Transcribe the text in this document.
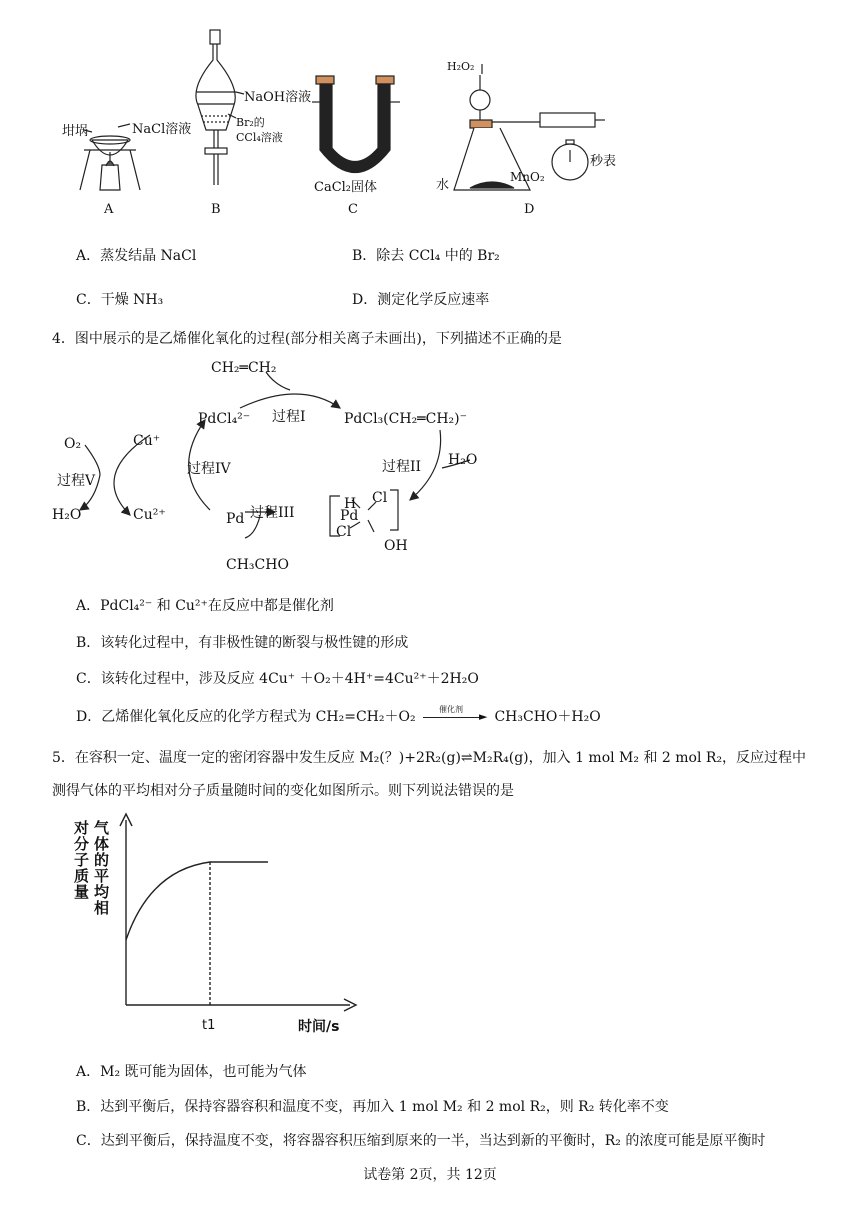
坩埚	NaCl溶液
A
NaOH溶液
Br₂的
CCl₄溶液
B
CaCl₂固体
C
H₂O₂
水
MnO₂
秒表
D
A．蒸发结晶 NaCl	B．除去 CCl₄ 中的 Br₂
C．干燥 NH₃	D．测定化学反应速率
4．图中展示的是乙烯催化氧化的过程(部分相关离子未画出)，下列描述不正确的是
CH₂═CH₂
PdCl₄²⁻ 过程I	PdCl₃(CH₂═CH₂)⁻
过程II H₂O
O₂	Cu⁺
过程V
过程IV
H₂O	Cu²⁺	Pd 过程III
H
Pd
Cl
Cl
OH
CH₃CHO
A．PdCl₄²⁻ 和 Cu²⁺在反应中都是催化剂
B．该转化过程中，有非极性键的断裂与极性键的形成
C．该转化过程中，涉及反应 4Cu⁺ ＋O₂＋4H⁺=4Cu²⁺＋2H₂O
D．乙烯催化氧化反应的化学方程式为 CH₂=CH₂＋O₂	催化剂
► CH₃CHO＋H₂O
5．在容积一定、温度一定的密闭容器中发生反应 M₂(？)+2R₂(g)⇌M₂R₄(g)，加入 1 mol M₂ 和 2 mol R₂，反应过程中
测得气体的平均相对分子质量随时间的变化如图所示。则下列说法错误的是
气体的平均相
对分子质量
t1	时间/s
A．M₂ 既可能为固体，也可能为气体
B．达到平衡后，保持容器容积和温度不变，再加入 1 mol M₂ 和 2 mol R₂，则 R₂ 转化率不变
C．达到平衡后，保持温度不变，将容器容积压缩到原来的一半，当达到新的平衡时，R₂ 的浓度可能是原平衡时
试卷第 2页，共 12页
